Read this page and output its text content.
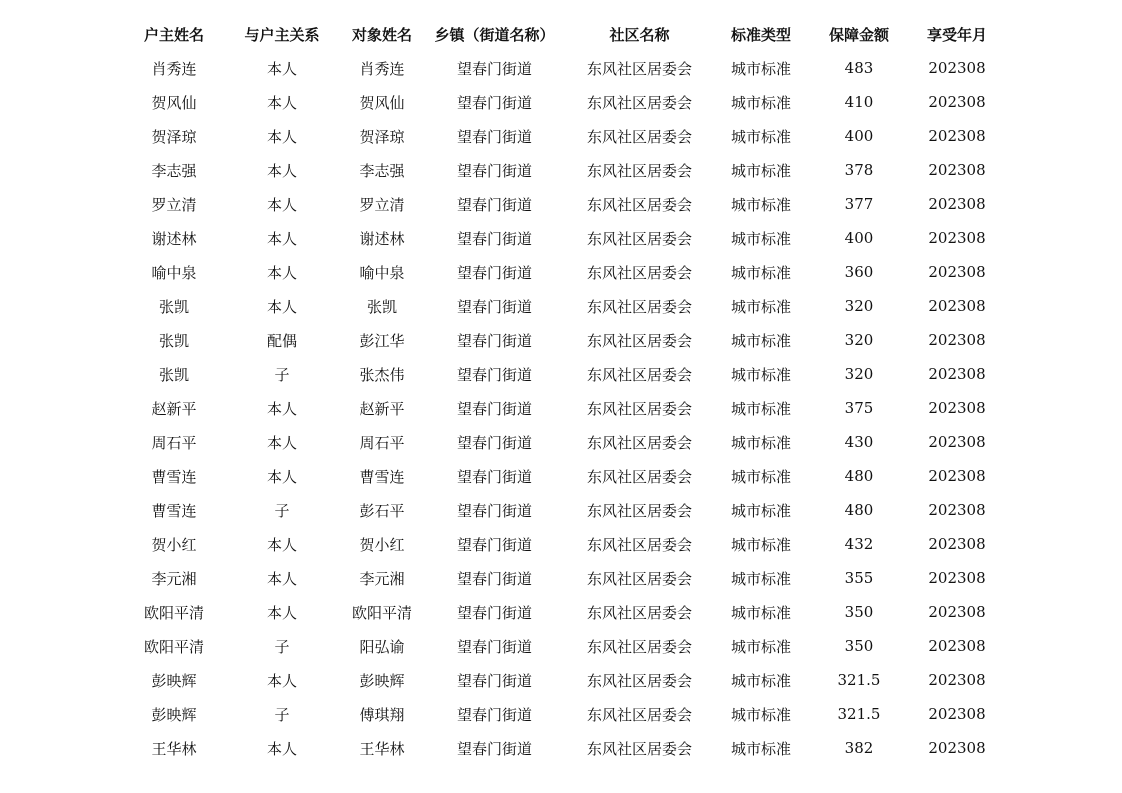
户主姓名	与户主关系	对象姓名	乡镇（街道名称）	社区名称	标准类型	保障金额	享受年月
肖秀连	本人	肖秀连	望春门街道	东风社区居委会	城市标准	483	202308
贺风仙	本人	贺风仙	望春门街道	东风社区居委会	城市标准	410	202308
贺泽琼	本人	贺泽琼	望春门街道	东风社区居委会	城市标准	400	202308
李志强	本人	李志强	望春门街道	东风社区居委会	城市标准	378	202308
罗立清	本人	罗立清	望春门街道	东风社区居委会	城市标准	377	202308
谢述林	本人	谢述林	望春门街道	东风社区居委会	城市标准	400	202308
喻中泉	本人	喻中泉	望春门街道	东风社区居委会	城市标准	360	202308
张凯	本人	张凯	望春门街道	东风社区居委会	城市标准	320	202308
张凯	配偶	彭江华	望春门街道	东风社区居委会	城市标准	320	202308
张凯	子	张杰伟	望春门街道	东风社区居委会	城市标准	320	202308
赵新平	本人	赵新平	望春门街道	东风社区居委会	城市标准	375	202308
周石平	本人	周石平	望春门街道	东风社区居委会	城市标准	430	202308
曹雪连	本人	曹雪连	望春门街道	东风社区居委会	城市标准	480	202308
曹雪连	子	彭石平	望春门街道	东风社区居委会	城市标准	480	202308
贺小红	本人	贺小红	望春门街道	东风社区居委会	城市标准	432	202308
李元湘	本人	李元湘	望春门街道	东风社区居委会	城市标准	355	202308
欧阳平清	本人	欧阳平清	望春门街道	东风社区居委会	城市标准	350	202308
欧阳平清	子	阳弘谕	望春门街道	东风社区居委会	城市标准	350	202308
彭映辉	本人	彭映辉	望春门街道	东风社区居委会	城市标准	321.5	202308
彭映辉	子	傅琪翔	望春门街道	东风社区居委会	城市标准	321.5	202308
王华林	本人	王华林	望春门街道	东风社区居委会	城市标准	382	202308
